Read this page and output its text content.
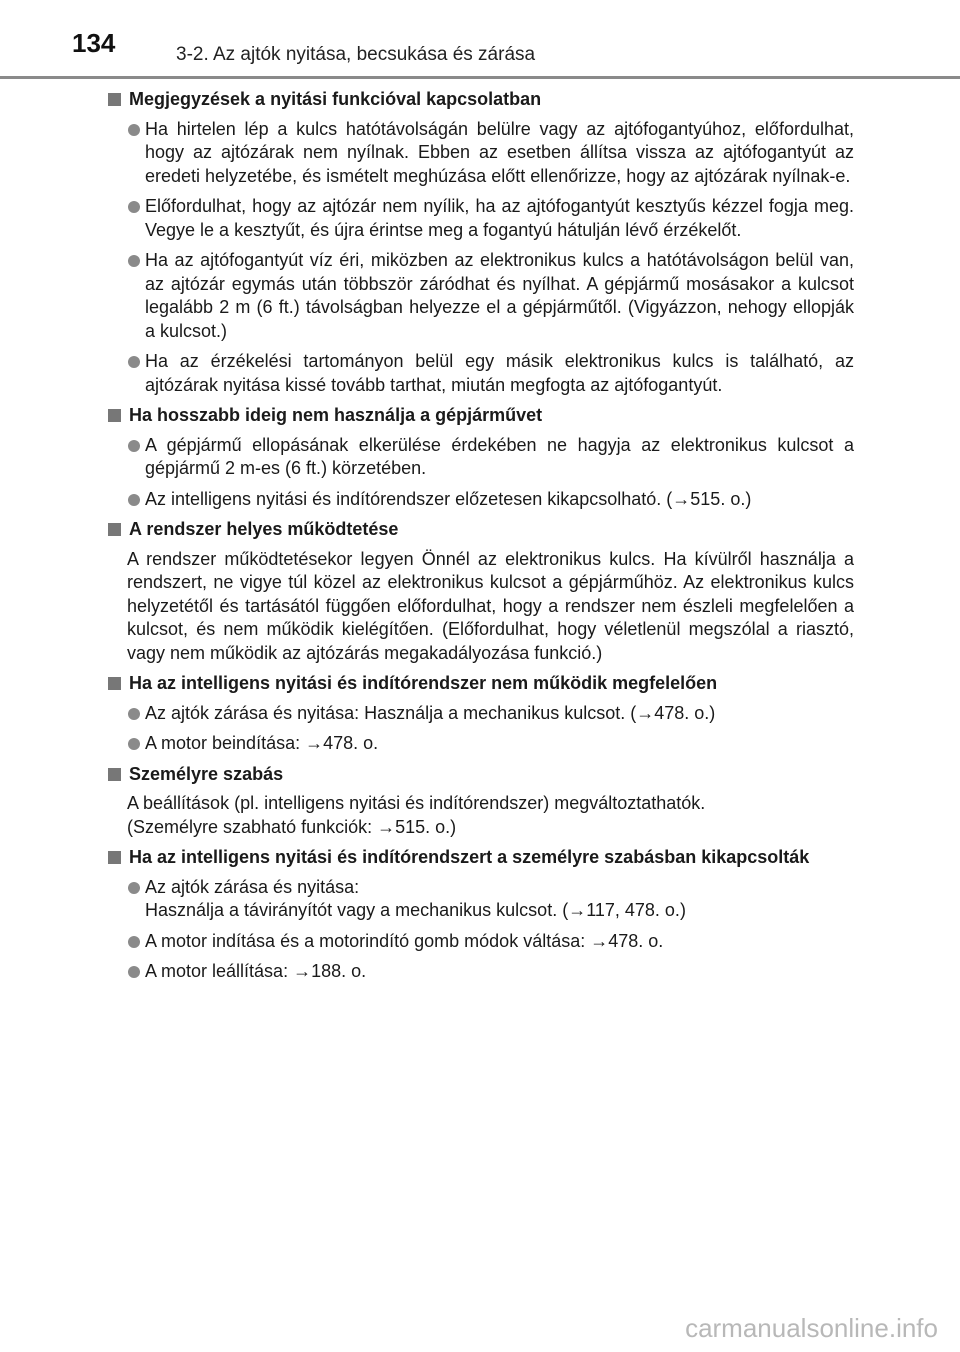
134	3-2. Az ajtók nyitása, becsukása és zárása
Megjegyzések a nyitási funkcióval kapcsolatban
Ha hirtelen lép a kulcs hatótávolságán belülre vagy az ajtófogantyúhoz, előfordulhat, hogy az ajtózárak nem nyílnak. Ebben az esetben állítsa vissza az ajtófogantyút az eredeti helyzetébe, és ismételt meghúzása előtt ellenőrizze, hogy az ajtózárak nyílnak-e.
Előfordulhat, hogy az ajtózár nem nyílik, ha az ajtófogantyút kesztyűs kézzel fogja meg. Vegye le a kesztyűt, és újra érintse meg a fogantyú hátulján lévő érzékelőt.
Ha az ajtófogantyút víz éri, miközben az elektronikus kulcs a hatótávolságon belül van, az ajtózár egymás után többször záródhat és nyílhat. A gépjármű mosásakor a kulcsot legalább 2 m (6 ft.) távolságban helyezze el a gépjárműtől. (Vigyázzon, nehogy ellopják a kulcsot.)
Ha az érzékelési tartományon belül egy másik elektronikus kulcs is található, az ajtózárak nyitása kissé tovább tarthat, miután megfogta az ajtófogantyút.
Ha hosszabb ideig nem használja a gépjárművet
A gépjármű ellopásának elkerülése érdekében ne hagyja az elektronikus kulcsot a gépjármű 2 m-es (6 ft.) körzetében.
Az intelligens nyitási és indítórendszer előzetesen kikapcsolható. (→515. o.)
A rendszer helyes működtetése
A rendszer működtetésekor legyen Önnél az elektronikus kulcs. Ha kívülről használja a rendszert, ne vigye túl közel az elektronikus kulcsot a gépjárműhöz. Az elektronikus kulcs helyzetétől és tartásától függően előfordulhat, hogy a rendszer nem észleli megfelelően a kulcsot, és nem működik kielégítően. (Előfordulhat, hogy véletlenül megszólal a riasztó, vagy nem működik az ajtózárás megakadályozása funkció.)
Ha az intelligens nyitási és indítórendszer nem működik megfelelően
Az ajtók zárása és nyitása: Használja a mechanikus kulcsot. (→478. o.)
A motor beindítása: →478. o.
Személyre szabás
A beállítások (pl. intelligens nyitási és indítórendszer) megváltoztathatók.
(Személyre szabható funkciók: →515. o.)
Ha az intelligens nyitási és indítórendszert a személyre szabásban kikapcsolták
Az ajtók zárása és nyitása:
Használja a távirányítót vagy a mechanikus kulcsot. (→117, 478. o.)
A motor indítása és a motorindító gomb módok váltása: →478. o.
A motor leállítása: →188. o.
carmanualsonline.info
